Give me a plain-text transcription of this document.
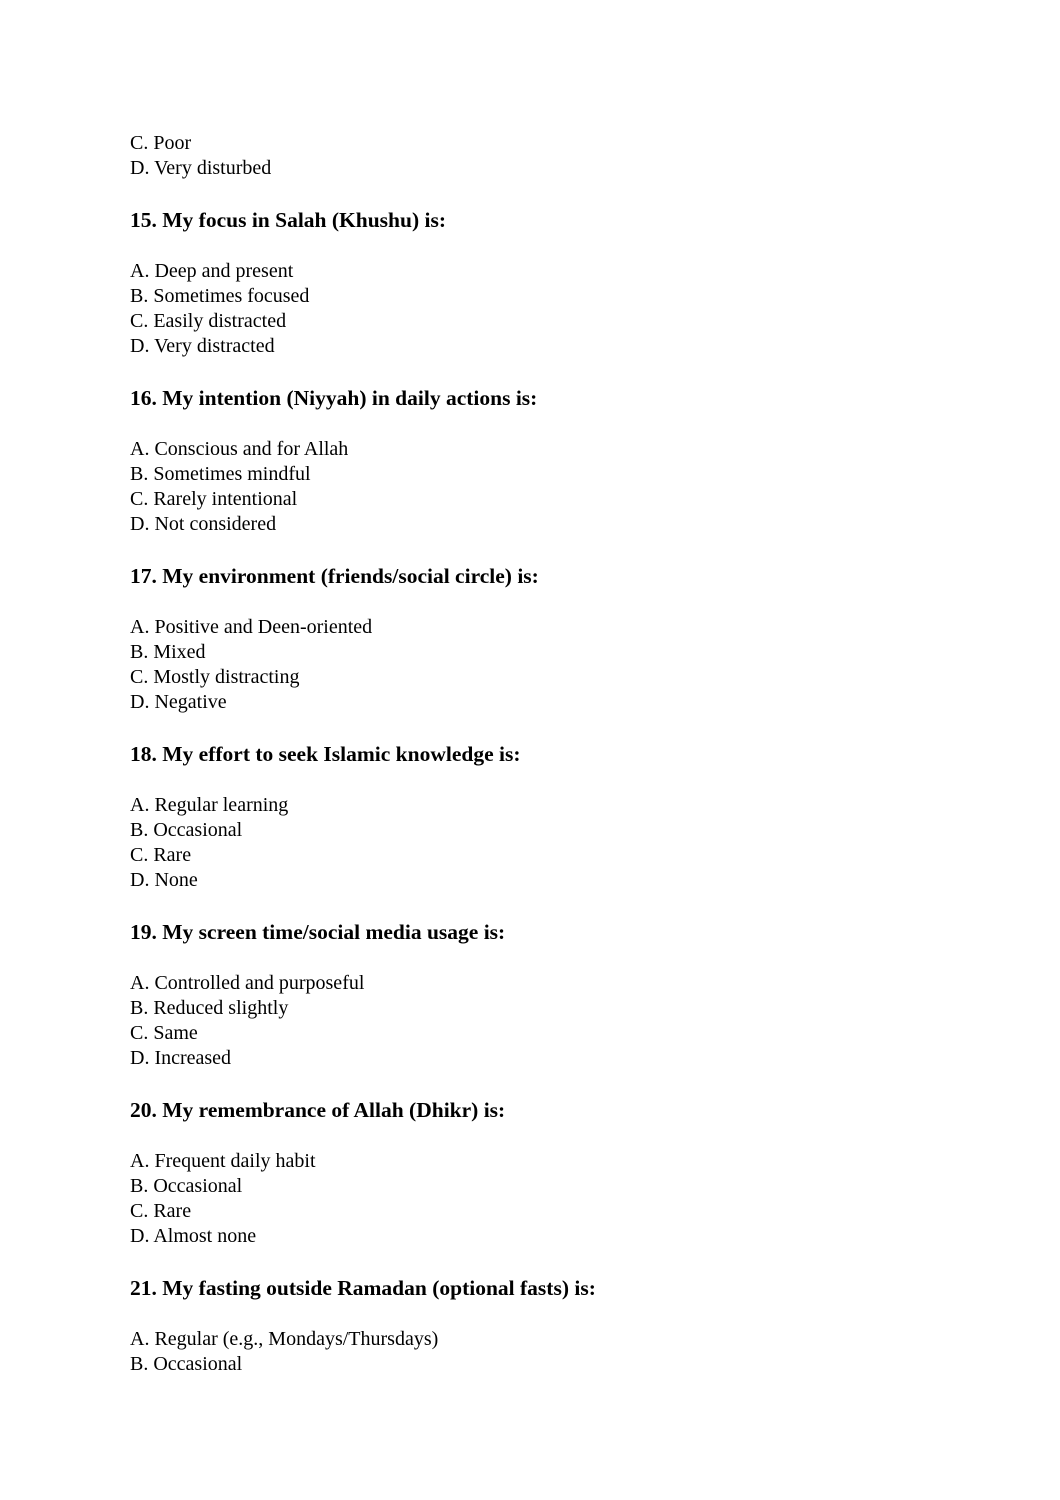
C. Poor

D. Very disturbed

15. My focus in Salah (Khushu) is:

A. Deep and present

B. Sometimes focused

C. Easily distracted

D. Very distracted

16. My intention (Niyyah) in daily actions is:

A. Conscious and for Allah

B. Sometimes mindful

C. Rarely intentional

D. Not considered

17. My environment (friends/social circle) is:

A. Positive and Deen-oriented

B. Mixed

C. Mostly distracting

D. Negative

18. My effort to seek Islamic knowledge is:

A. Regular learning

B. Occasional

C. Rare

D. None

19. My screen time/social media usage is:

A. Controlled and purposeful

B. Reduced slightly

C. Same

D. Increased

20. My remembrance of Allah (Dhikr) is:

A. Frequent daily habit

B. Occasional

C. Rare

D. Almost none

21. My fasting outside Ramadan (optional fasts) is:

A. Regular (e.g., Mondays/Thursdays)

B. Occasional
